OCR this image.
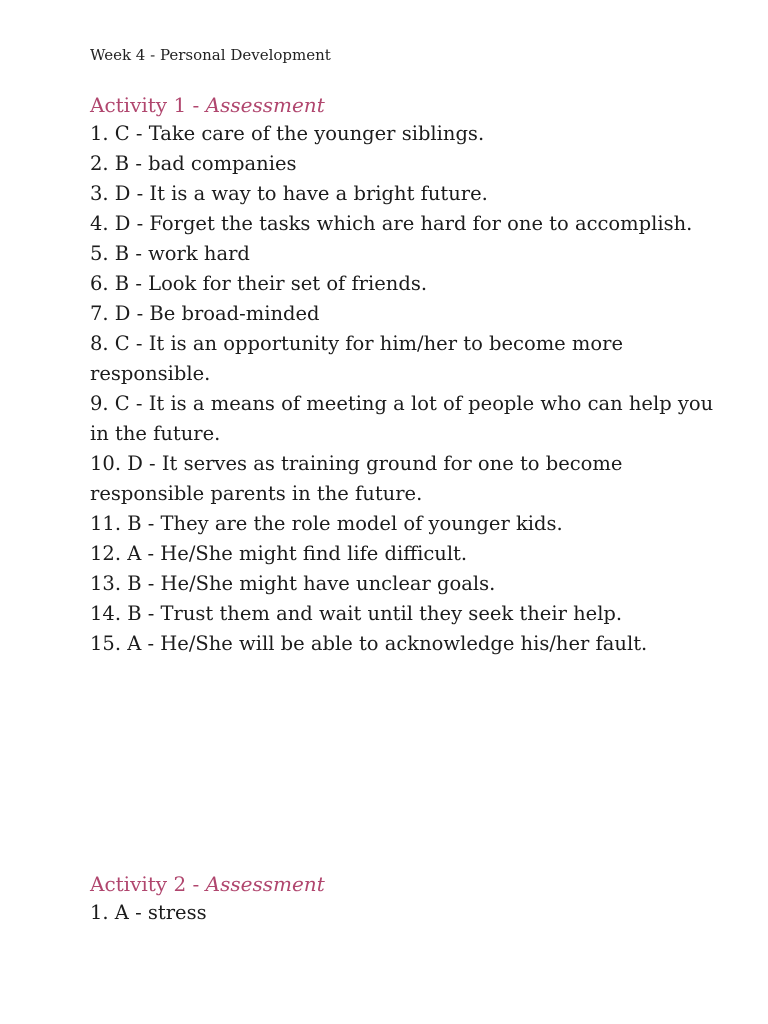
Week 4 - Personal Development
Activity 1 - Assessment
1. C - Take care of the younger siblings.
2. B - bad companies
3. D - It is a way to have a bright future.
4. D - Forget the tasks which are hard for one to accomplish.
5. B - work hard
6. B - Look for their set of friends.
7. D - Be broad-minded
8. C - It is an opportunity for him/her to become more responsible.
9. C - It is a means of meeting a lot of people who can help you in the future.
10. D - It serves as training ground for one to become responsible parents in the future.
11. B - They are the role model of younger kids.
12. A - He/She might find life difficult.
13. B - He/She might have unclear goals.
14. B - Trust them and wait until they seek their help.
15. A - He/She will be able to acknowledge his/her fault.
Activity 2 - Assessment
1. A - stress
